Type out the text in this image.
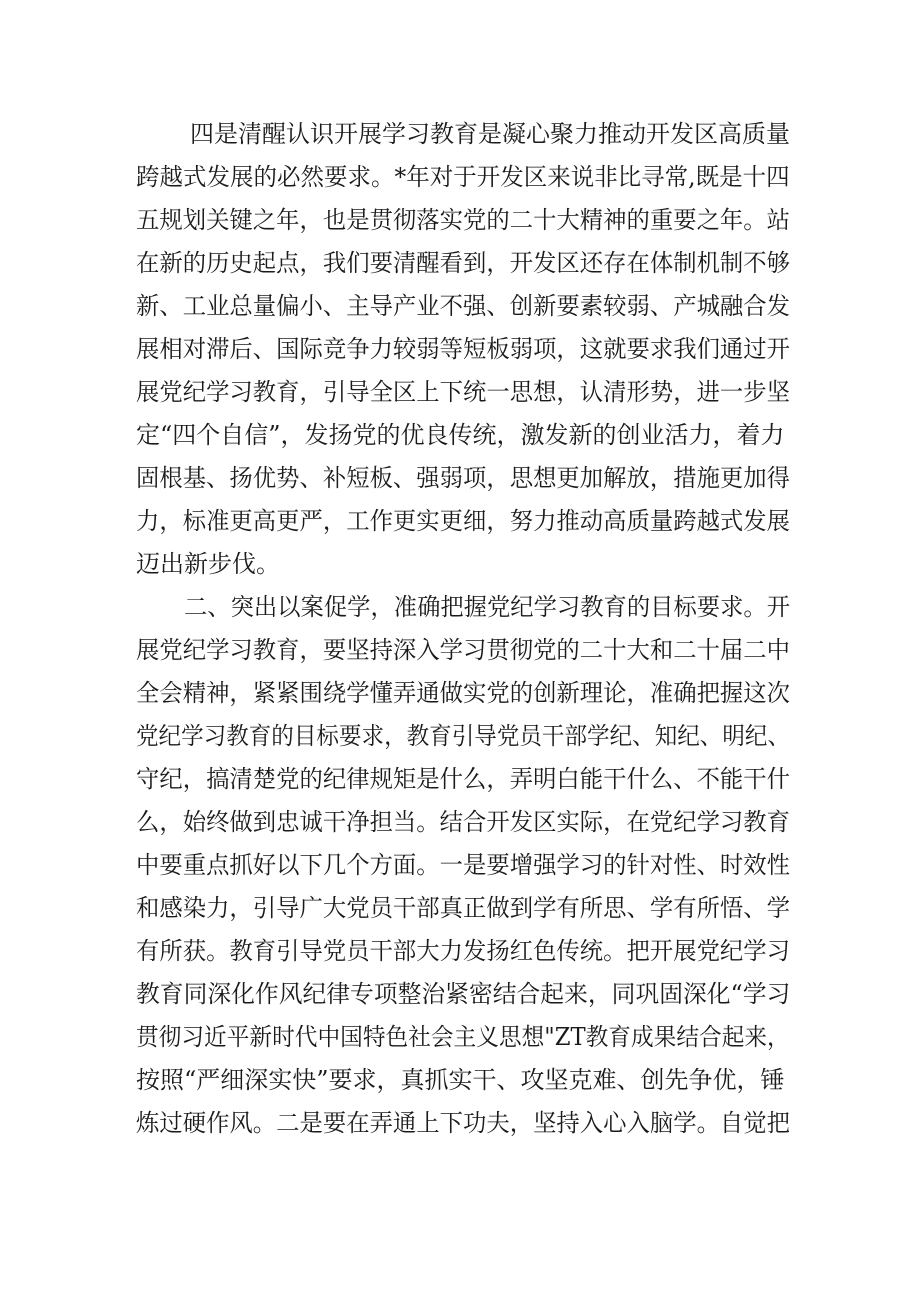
四是清醒认识开展学习教育是凝心聚力推动开发区高质量
跨越式发展的必然要求。*年对于开发区来说非比寻常,既是十四
五规划关键之年，也是贯彻落实党的二十大精神的重要之年。站
在新的历史起点，我们要清醒看到，开发区还存在体制机制不够
新、工业总量偏小、主导产业不强、创新要素较弱、产城融合发
展相对滞后、国际竞争力较弱等短板弱项，这就要求我们通过开
展党纪学习教育，引导全区上下统一思想，认清形势，进一步坚
定“四个自信”，发扬党的优良传统，激发新的创业活力，着力
固根基、扬优势、补短板、强弱项，思想更加解放，措施更加得
力，标准更高更严，工作更实更细，努力推动高质量跨越式发展
迈出新步伐。
二、突出以案促学，准确把握党纪学习教育的目标要求。开
展党纪学习教育，要坚持深入学习贯彻党的二十大和二十届二中
全会精神，紧紧围绕学懂弄通做实党的创新理论，准确把握这次
党纪学习教育的目标要求，教育引导党员干部学纪、知纪、明纪、
守纪，搞清楚党的纪律规矩是什么，弄明白能干什么、不能干什
么，始终做到忠诚干净担当。结合开发区实际，在党纪学习教育
中要重点抓好以下几个方面。一是要增强学习的针对性、时效性
和感染力，引导广大党员干部真正做到学有所思、学有所悟、学
有所获。教育引导党员干部大力发扬红色传统。把开展党纪学习
教育同深化作风纪律专项整治紧密结合起来，同巩固深化“学习
贯彻习近平新时代中国特色社会主义思想"ZT教育成果结合起来，
按照“严细深实快”要求，真抓实干、攻坚克难、创先争优，锤
炼过硬作风。二是要在弄通上下功夫，坚持入心入脑学。自觉把
